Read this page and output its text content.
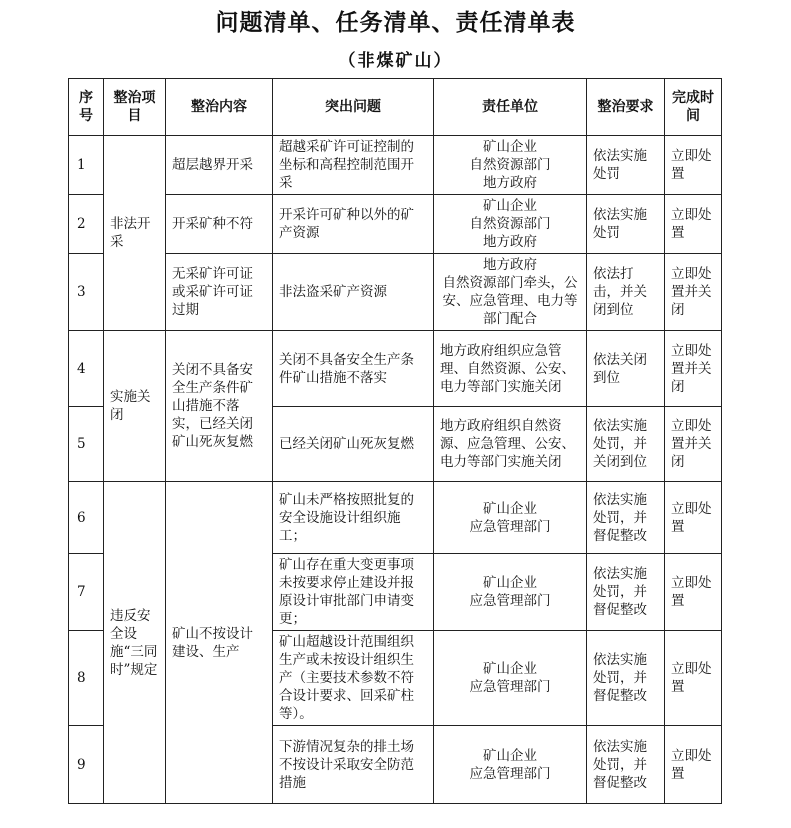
问题清单、任务清单、责任清单表
（非煤矿山）
序号	整治项目	整治内容	突出问题	责任单位	整治要求	完成时间
1	非法开采	超层越界开采	超越采矿许可证控制的坐标和高程控制范围开采	矿山企业
自然资源部门
地方政府	依法实施处罚	立即处置
2		开采矿种不符	开采许可矿种以外的矿产资源	矿山企业
自然资源部门
地方政府	依法实施处罚	立即处置
3		无采矿许可证或采矿许可证过期	非法盗采矿产资源	地方政府
自然资源部门牵头，公安、应急管理、电力等部门配合	依法打击，并关闭到位	立即处置并关闭
4	实施关闭	关闭不具备安全生产条件矿山措施不落实，已经关闭矿山死灰复燃	关闭不具备安全生产条件矿山措施不落实	地方政府组织应急管理、自然资源、公安、电力等部门实施关闭	依法关闭到位	立即处置并关闭
5			已经关闭矿山死灰复燃	地方政府组织自然资源、应急管理、公安、电力等部门实施关闭	依法实施处罚，并关闭到位	立即处置并关闭
6	违反安全设施“三同时”规定	矿山不按设计建设、生产	矿山未严格按照批复的安全设施设计组织施工；	矿山企业
应急管理部门	依法实施处罚，并督促整改	立即处置
7			矿山存在重大变更事项未按要求停止建设并报原设计审批部门申请变更；	矿山企业
应急管理部门	依法实施处罚，并督促整改	立即处置
8			矿山超越设计范围组织生产或未按设计组织生产（主要技术参数不符合设计要求、回采矿柱等）。	矿山企业
应急管理部门	依法实施处罚，并督促整改	立即处置
9			下游情况复杂的排土场不按设计采取安全防范措施	矿山企业
应急管理部门	依法实施处罚，并督促整改	立即处置
